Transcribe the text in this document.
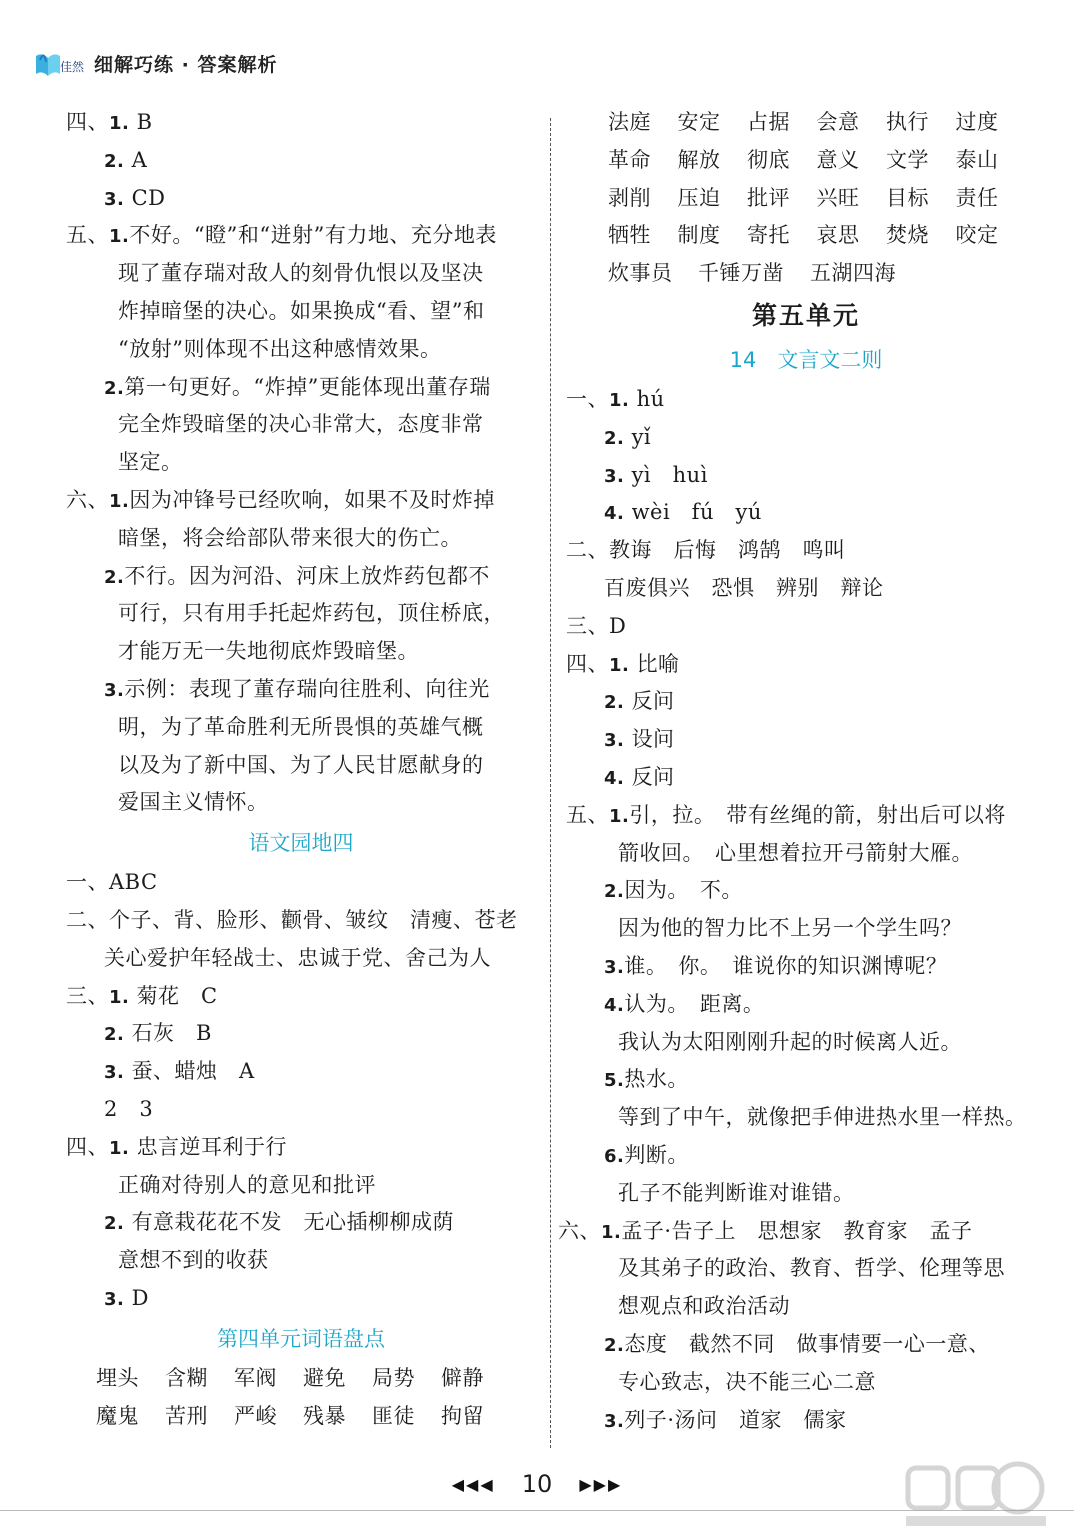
佳然 细解巧练 · 答案解析
四、1. B
2. A
3. CD
五、1.不好。“瞪”和“迸射”有力地、充分地表
现了董存瑞对敌人的刻骨仇恨以及坚决
炸掉暗堡的决心。如果换成“看、望”和
“放射”则体现不出这种感情效果。
2.第一句更好。“炸掉”更能体现出董存瑞
完全炸毁暗堡的决心非常大，态度非常
坚定。
六、1.因为冲锋号已经吹响，如果不及时炸掉
暗堡，将会给部队带来很大的伤亡。
2.不行。因为河沿、河床上放炸药包都不
可行，只有用手托起炸药包，顶住桥底，
才能万无一失地彻底炸毁暗堡。
3.示例：表现了董存瑞向往胜利、向往光
明，为了革命胜利无所畏惧的英雄气概
以及为了新中国、为了人民甘愿献身的
爱国主义情怀。
语文园地四
一、ABC
二、个子、背、脸形、颧骨、皱纹　清瘦、苍老
关心爱护年轻战士、忠诚于党、舍己为人
三、1. 菊花　C
2. 石灰　B
3. 蚕、蜡烛　A
2　3
四、1. 忠言逆耳利于行
正确对待别人的意见和批评
2. 有意栽花花不发　无心插柳柳成荫
意想不到的收获
3. D
第四单元词语盘点
埋头	含糊	军阀	避免	局势	僻静
魔鬼	苦刑	严峻	残暴	匪徒	拘留
法庭	安定	占据	会意	执行	过度
革命	解放	彻底	意义	文学	泰山
剥削	压迫	批评	兴旺	目标	责任
牺牲	制度	寄托	哀思	焚烧	咬定
炊事员 千锤万凿 五湖四海
第五单元
14　文言文二则
一、1. hú
2. yǐ
3. yì　huì
4. wèi　fú　yú
二、教诲　后悔　鸿鹄　鸣叫
百废俱兴　恐惧　辨别　辩论
三、D
四、1. 比喻
2. 反问
3. 设问
4. 反问
五、1.引，拉。　带有丝绳的箭，射出后可以将
箭收回。　心里想着拉开弓箭射大雁。
2.因为。　不。
因为他的智力比不上另一个学生吗？
3.谁。　你。　谁说你的知识渊博呢？
4.认为。　距离。
我认为太阳刚刚升起的时候离人近。
5.热水。
等到了中午，就像把手伸进热水里一样热。
6.判断。
孔子不能判断谁对谁错。
六、1.孟子·告子上　思想家　教育家　孟子
及其弟子的政治、教育、哲学、伦理等思
想观点和政治活动
2.态度　截然不同　做事情要一心一意、
专心致志，决不能三心二意
3.列子·汤问　道家　儒家
◀◀◀ 10 ▶▶▶
